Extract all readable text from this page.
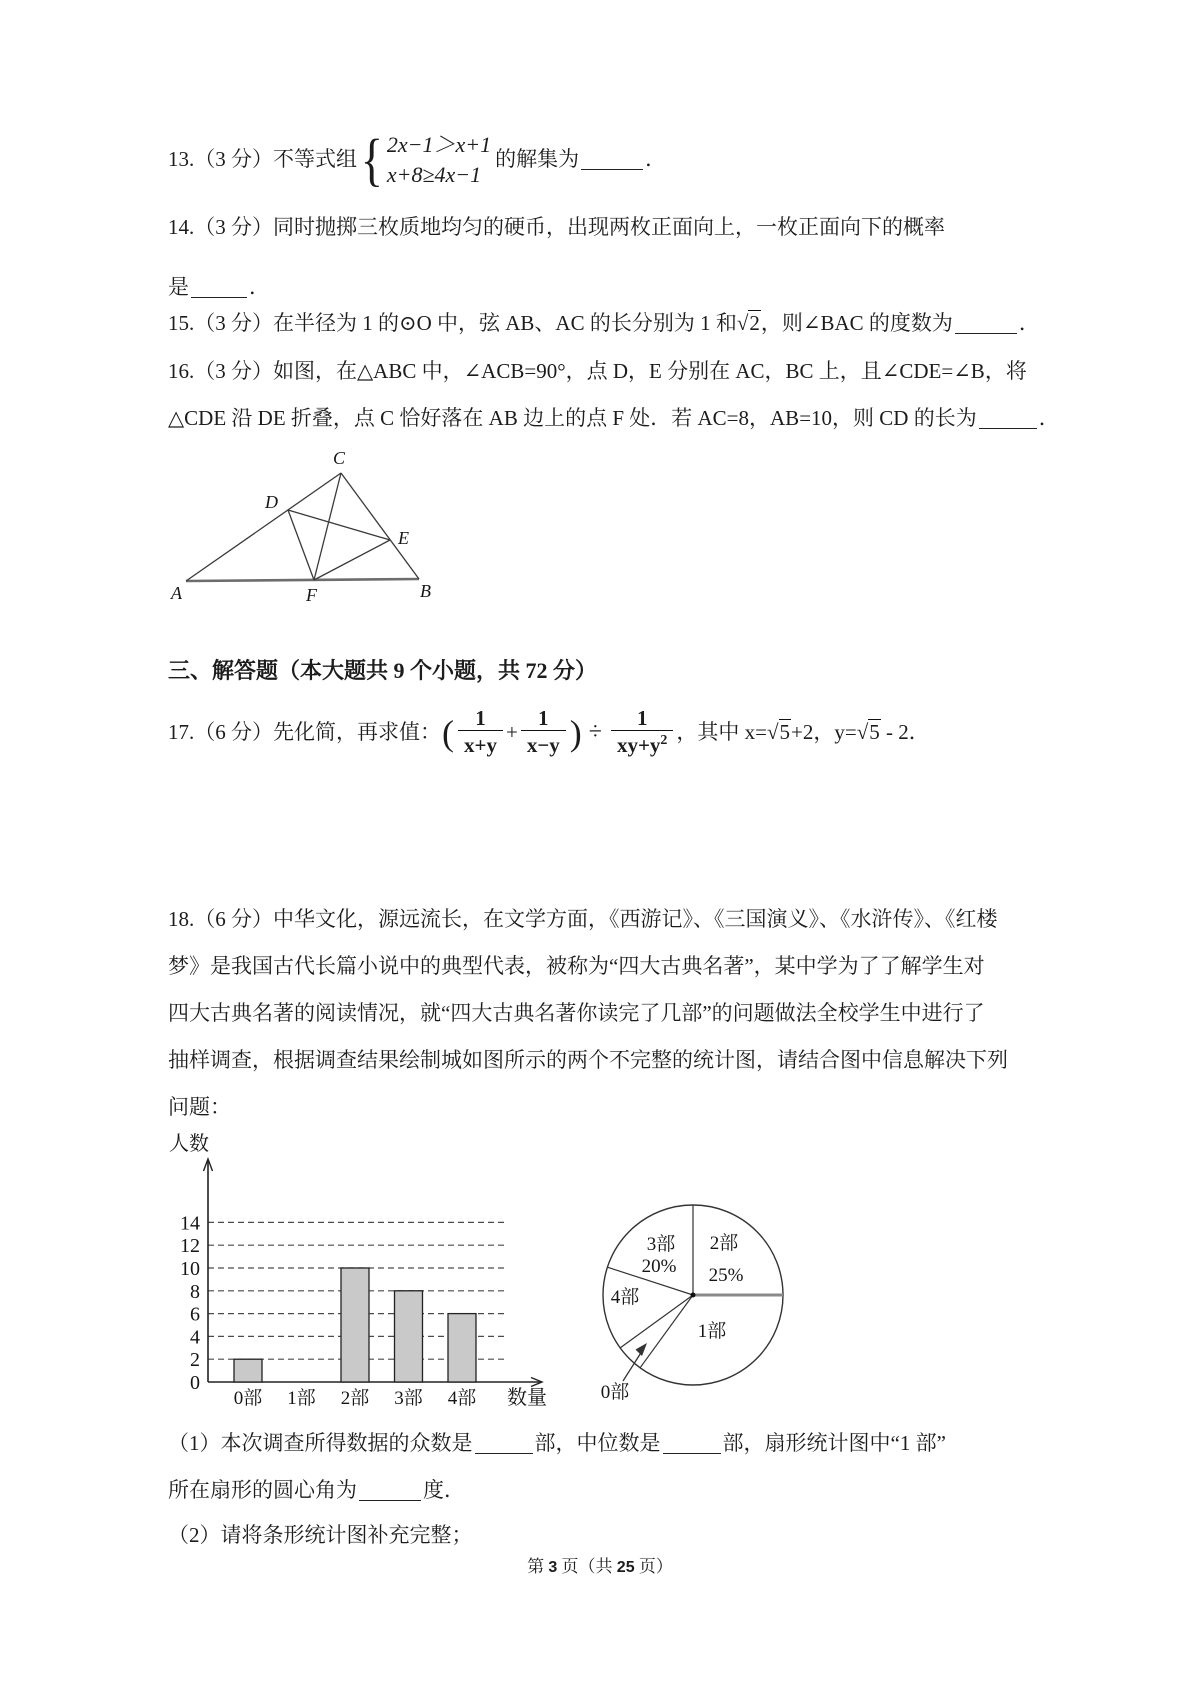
13.（3 分）不等式组 { 2x−1＞x+1
x+8≥4x−1
的解集为	．
14.（3 分）同时抛掷三枚质地均匀的硬币，出现两枚正面向上，一枚正面向下的概率
是	．
15.（3 分）在半径为 1 的⊙O 中，弦 AB、AC 的长分别为 1 和√2，则∠BAC 的度数为	．
16.（3 分）如图，在△ABC 中，∠ACB=90°，点 D，E 分别在 AC，BC 上，且∠CDE=∠B，将
△CDE 沿 DE 折叠，点 C 恰好落在 AB 边上的点 F 处．若 AC=8，AB=10，则 CD 的长为	．
A	B
C
D
E
F
三、解答题（本大题共 9 个小题，共 72 分）
17.（6 分）先化简，再求值： ( $\frac{1}{x+y} + \frac{1}{x-y}$ ) ÷ $\frac{1}{xy+y^2}$ ，其中 x=√5+2，y=√5 - 2．
18.（6 分）中华文化，源远流长，在文学方面，《西游记》、《三国演义》、《水浒传》、《红楼
梦》是我国古代长篇小说中的典型代表，被称为“四大古典名著”，某中学为了了解学生对
四大古典名著的阅读情况，就“四大古典名著你读完了几部”的问题做法全校学生中进行了
抽样调查，根据调查结果绘制城如图所示的两个不完整的统计图，请结合图中信息解决下列
问题：
0
2
4
6
8
10
12
14
0部 1部 2部 3部 4部
人数
数量
2部
25%
1部
0部
4部
3部
20%
（1）本次调查所得数据的众数是	部，中位数是	部，扇形统计图中“1 部”
所在扇形的圆心角为	度．
（2）请将条形统计图补充完整；
第 3 页（共 25 页）
